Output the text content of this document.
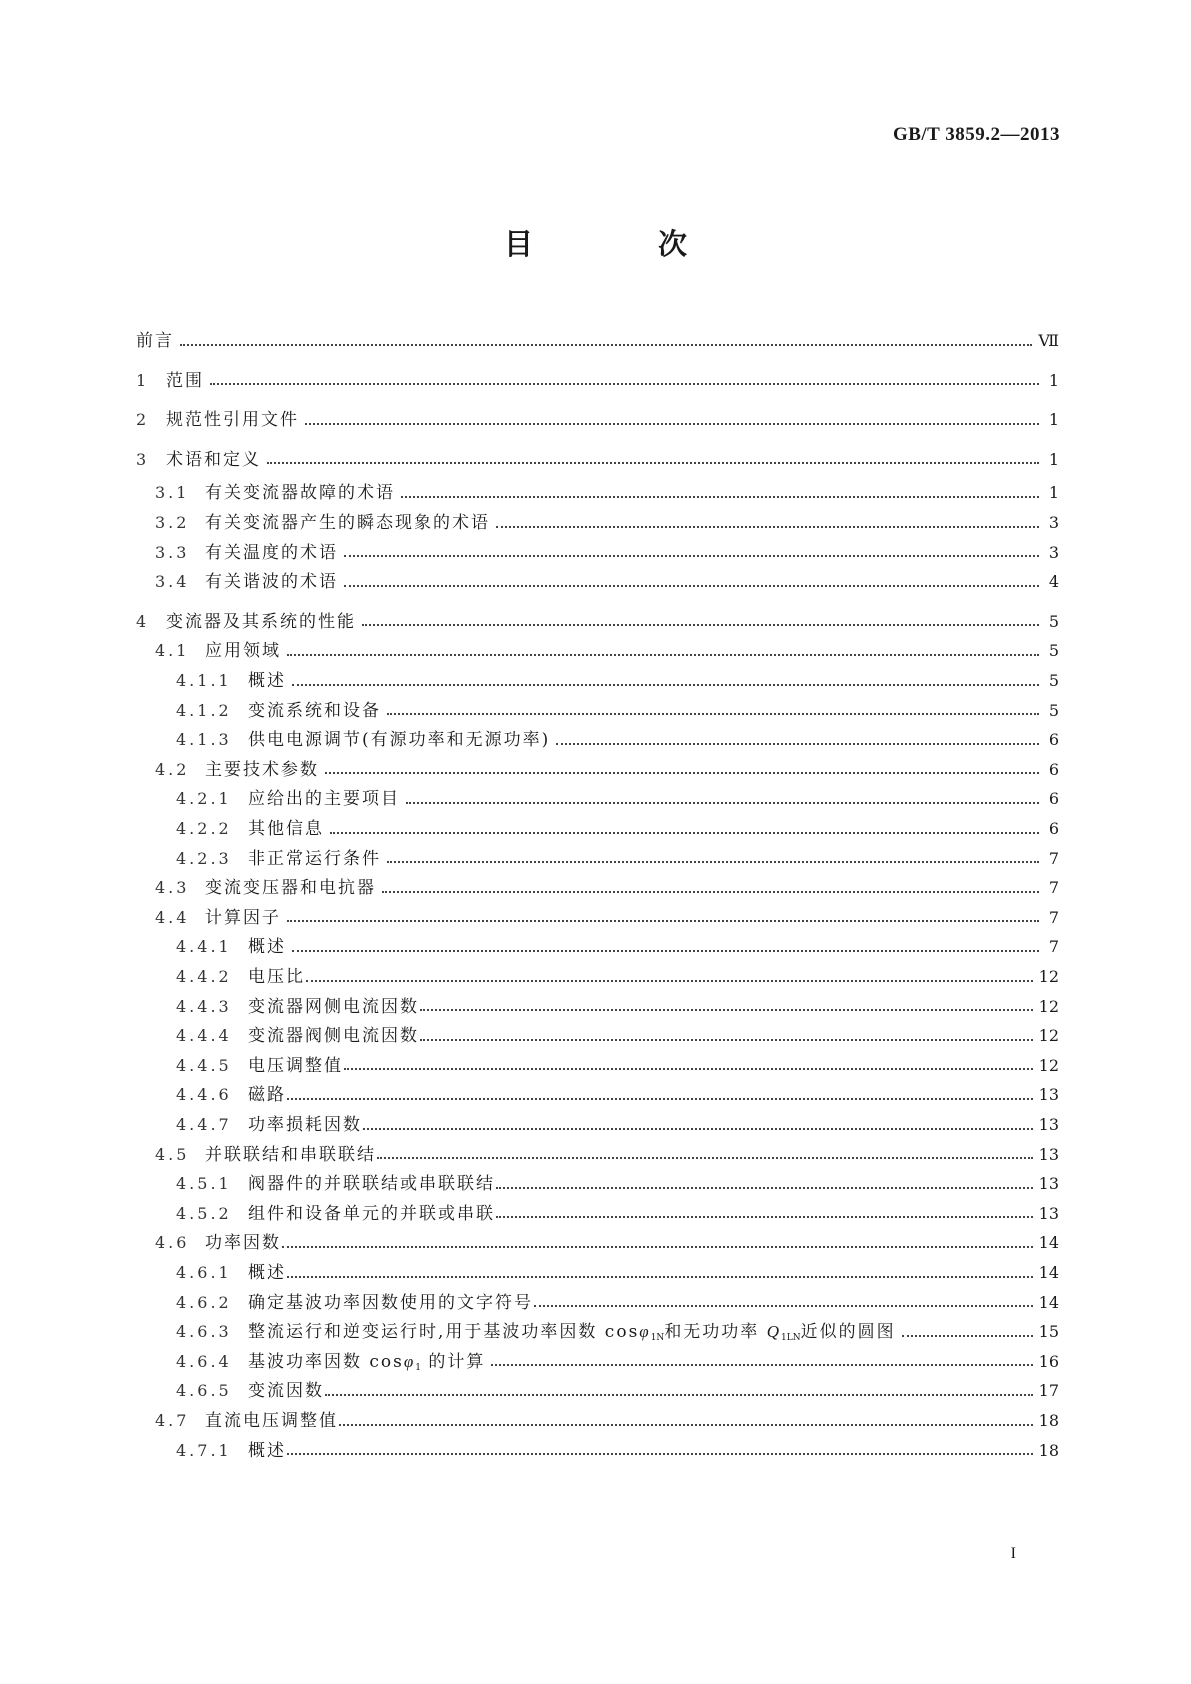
GB/T 3859.2—2013
目　次
前言	Ⅶ
1 范围	1
2 规范性引用文件	1
3 术语和定义	1
3.1 有关变流器故障的术语	1
3.2 有关变流器产生的瞬态现象的术语	3
3.3 有关温度的术语	3
3.4 有关谐波的术语	4
4 变流器及其系统的性能	5
4.1 应用领域	5
4.1.1 概述	5
4.1.2 变流系统和设备	5
4.1.3 供电电源调节(有源功率和无源功率)	6
4.2 主要技术参数	6
4.2.1 应给出的主要项目	6
4.2.2 其他信息	6
4.2.3 非正常运行条件	7
4.3 变流变压器和电抗器	7
4.4 计算因子	7
4.4.1 概述	7
4.4.2 电压比	12
4.4.3 变流器网侧电流因数	12
4.4.4 变流器阀侧电流因数	12
4.4.5 电压调整值	12
4.4.6 磁路	13
4.4.7 功率损耗因数	13
4.5 并联联结和串联联结	13
4.5.1 阀器件的并联联结或串联联结	13
4.5.2 组件和设备单元的并联或串联	13
4.6 功率因数	14
4.6.1 概述	14
4.6.2 确定基波功率因数使用的文字符号	14
4.6.3 整流运行和逆变运行时,用于基波功率因数 cosφ$_{1N}$和无功功率 $Q_{1LN}$近似的圆图	15
4.6.4 基波功率因数 cosφ$_1$ 的计算	16
4.6.5 变流因数	17
4.7 直流电压调整值	18
4.7.1 概述	18
I
